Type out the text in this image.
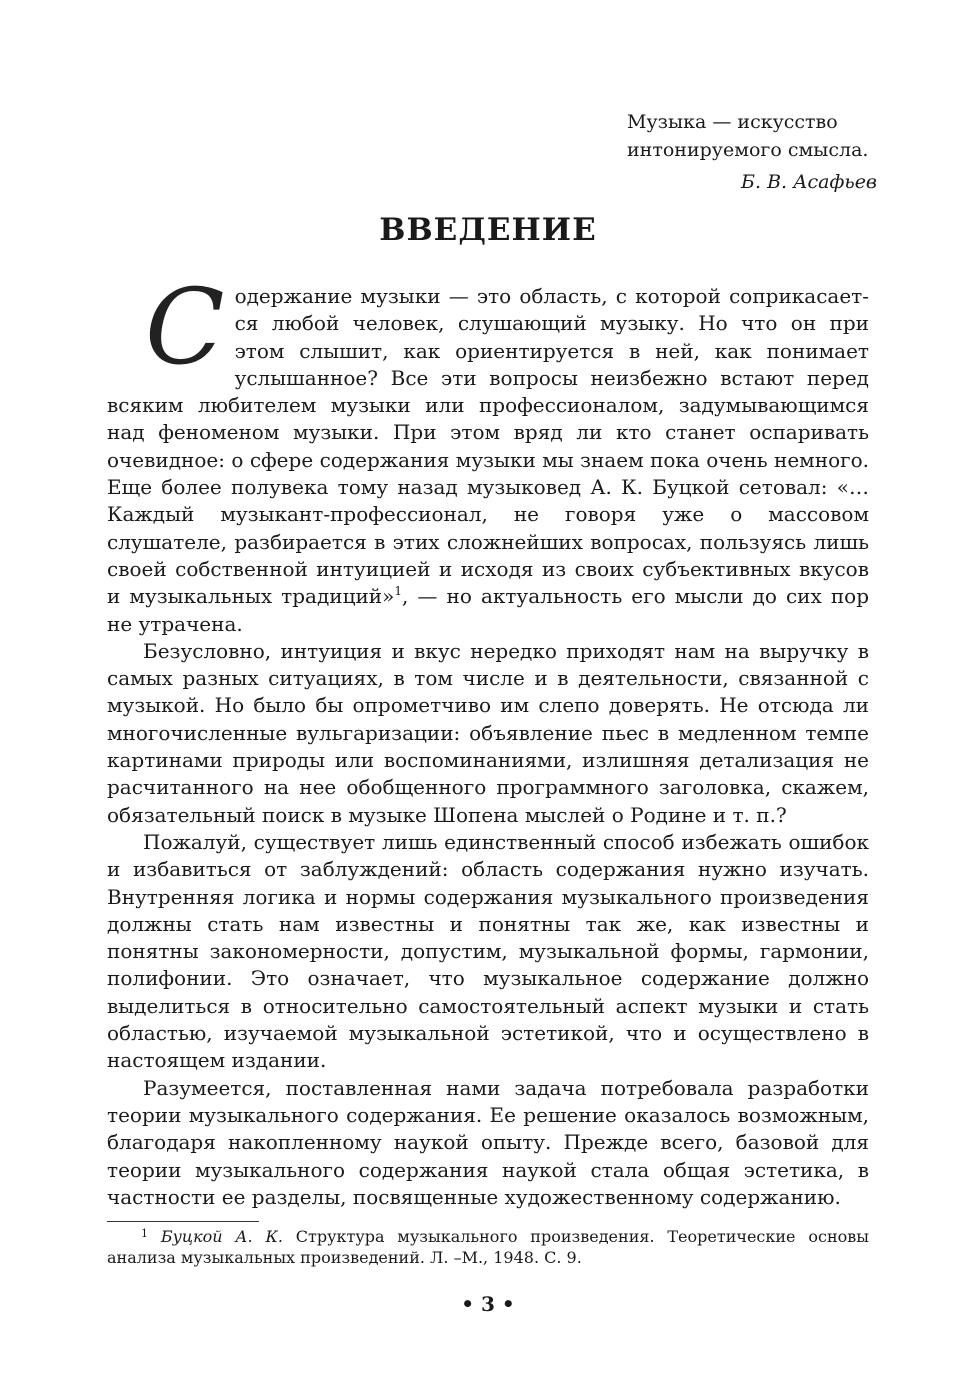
Музыка — искусство
интонируемого смысла.
Б. В. Асафьев
ВВЕДЕНИЕ

Содержание музыки — это область, с которой соприкасается любой человек, слушающий музыку. Но что он при этом слышит, как ориентируется в ней, как понимает услышанное? Все эти вопросы неизбежно встают перед всяким любителем музыки или профессионалом, задумывающимся над феноменом музыки. При этом вряд ли кто станет оспаривать очевидное: о сфере содержания музыки мы знаем пока очень немного. Еще более полувека тому назад музыковед А. К. Буцкой сетовал: «…Каждый музыкант-профессионал, не говоря уже о массовом слушателе, разбирается в этих сложнейших вопросах, пользуясь лишь своей собственной интуицией и исходя из своих субъективных вкусов и музыкальных традиций»$^1$, — но актуальность его мысли до сих пор не утрачена.

Безусловно, интуиция и вкус нередко приходят нам на выручку в самых разных ситуациях, в том числе и в деятельности, связанной с музыкой. Но было бы опрометчиво им слепо доверять. Не отсюда ли многочисленные вульгаризации: объявление пьес в медленном темпе картинами природы или воспоминаниями, излишняя детализация не расчитанного на нее обобщенного программного заголовка, скажем, обязательный поиск в музыке Шопена мыслей о Родине и т. п.?

Пожалуй, существует лишь единственный способ избежать ошибок и избавиться от заблуждений: область содержания нужно изучать. Внутренняя логика и нормы содержания музыкального произведения должны стать нам известны и понятны так же, как известны и понятны закономерности, допустим, музыкальной формы, гармонии, полифонии. Это означает, что музыкальное содержание должно выделиться в относительно самостоятельный аспект музыки и стать областью, изучаемой музыкальной эстетикой, что и осуществлено в настоящем издании.

Разумеется, поставленная нами задача потребовала разработки теории музыкального содержания. Ее решение оказалось возможным, благодаря накопленному наукой опыту. Прежде всего, базовой для теории музыкального содержания наукой стала общая эстетика, в частности ее разделы, посвященные художественному содержанию.

$^1$ Буцкой А. К. Структура музыкального произведения. Теоретические основы анализа музыкальных произведений. Л. –М., 1948. С. 9.
• 3 •
